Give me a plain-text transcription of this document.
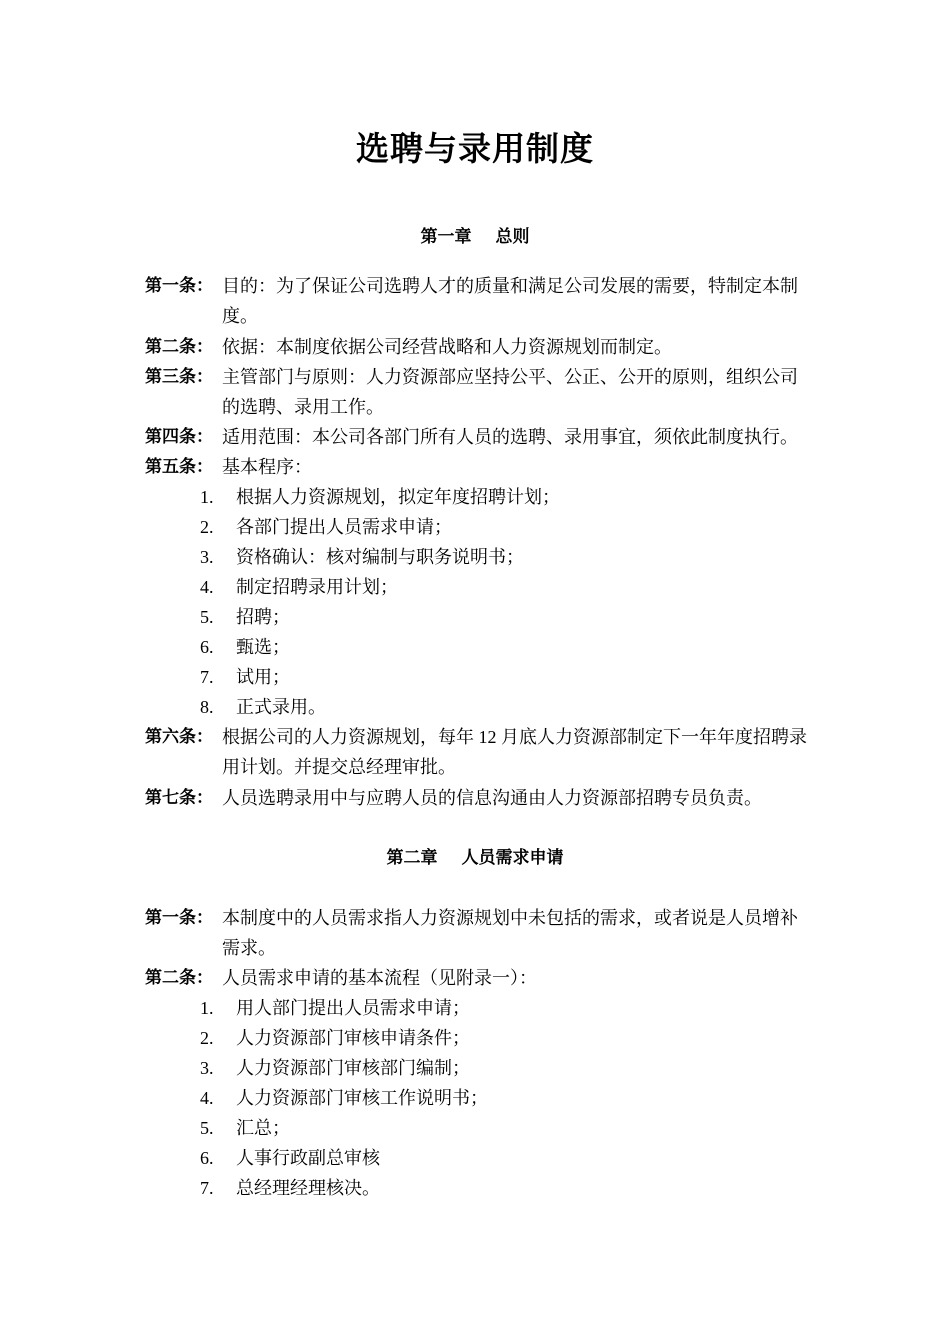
选聘与录用制度
第一章 总则
第一条： 目的：为了保证公司选聘人才的质量和满足公司发展的需要，特制定本制度。
第二条： 依据：本制度依据公司经营战略和人力资源规划而制定。
第三条： 主管部门与原则：人力资源部应坚持公平、公正、公开的原则，组织公司的选聘、录用工作。
第四条： 适用范围：本公司各部门所有人员的选聘、录用事宜，须依此制度执行。
第五条： 基本程序：
1. 根据人力资源规划，拟定年度招聘计划；
2. 各部门提出人员需求申请；
3. 资格确认：核对编制与职务说明书；
4. 制定招聘录用计划；
5. 招聘；
6. 甄选；
7. 试用；
8. 正式录用。
第六条： 根据公司的人力资源规划，每年 12 月底人力资源部制定下一年年度招聘录用计划。并提交总经理审批。
第七条： 人员选聘录用中与应聘人员的信息沟通由人力资源部招聘专员负责。
第二章 人员需求申请
第一条： 本制度中的人员需求指人力资源规划中未包括的需求，或者说是人员增补需求。
第二条： 人员需求申请的基本流程（见附录一）：
1. 用人部门提出人员需求申请；
2. 人力资源部门审核申请条件；
3. 人力资源部门审核部门编制；
4. 人力资源部门审核工作说明书；
5. 汇总；
6. 人事行政副总审核
7. 总经理经理核决。
